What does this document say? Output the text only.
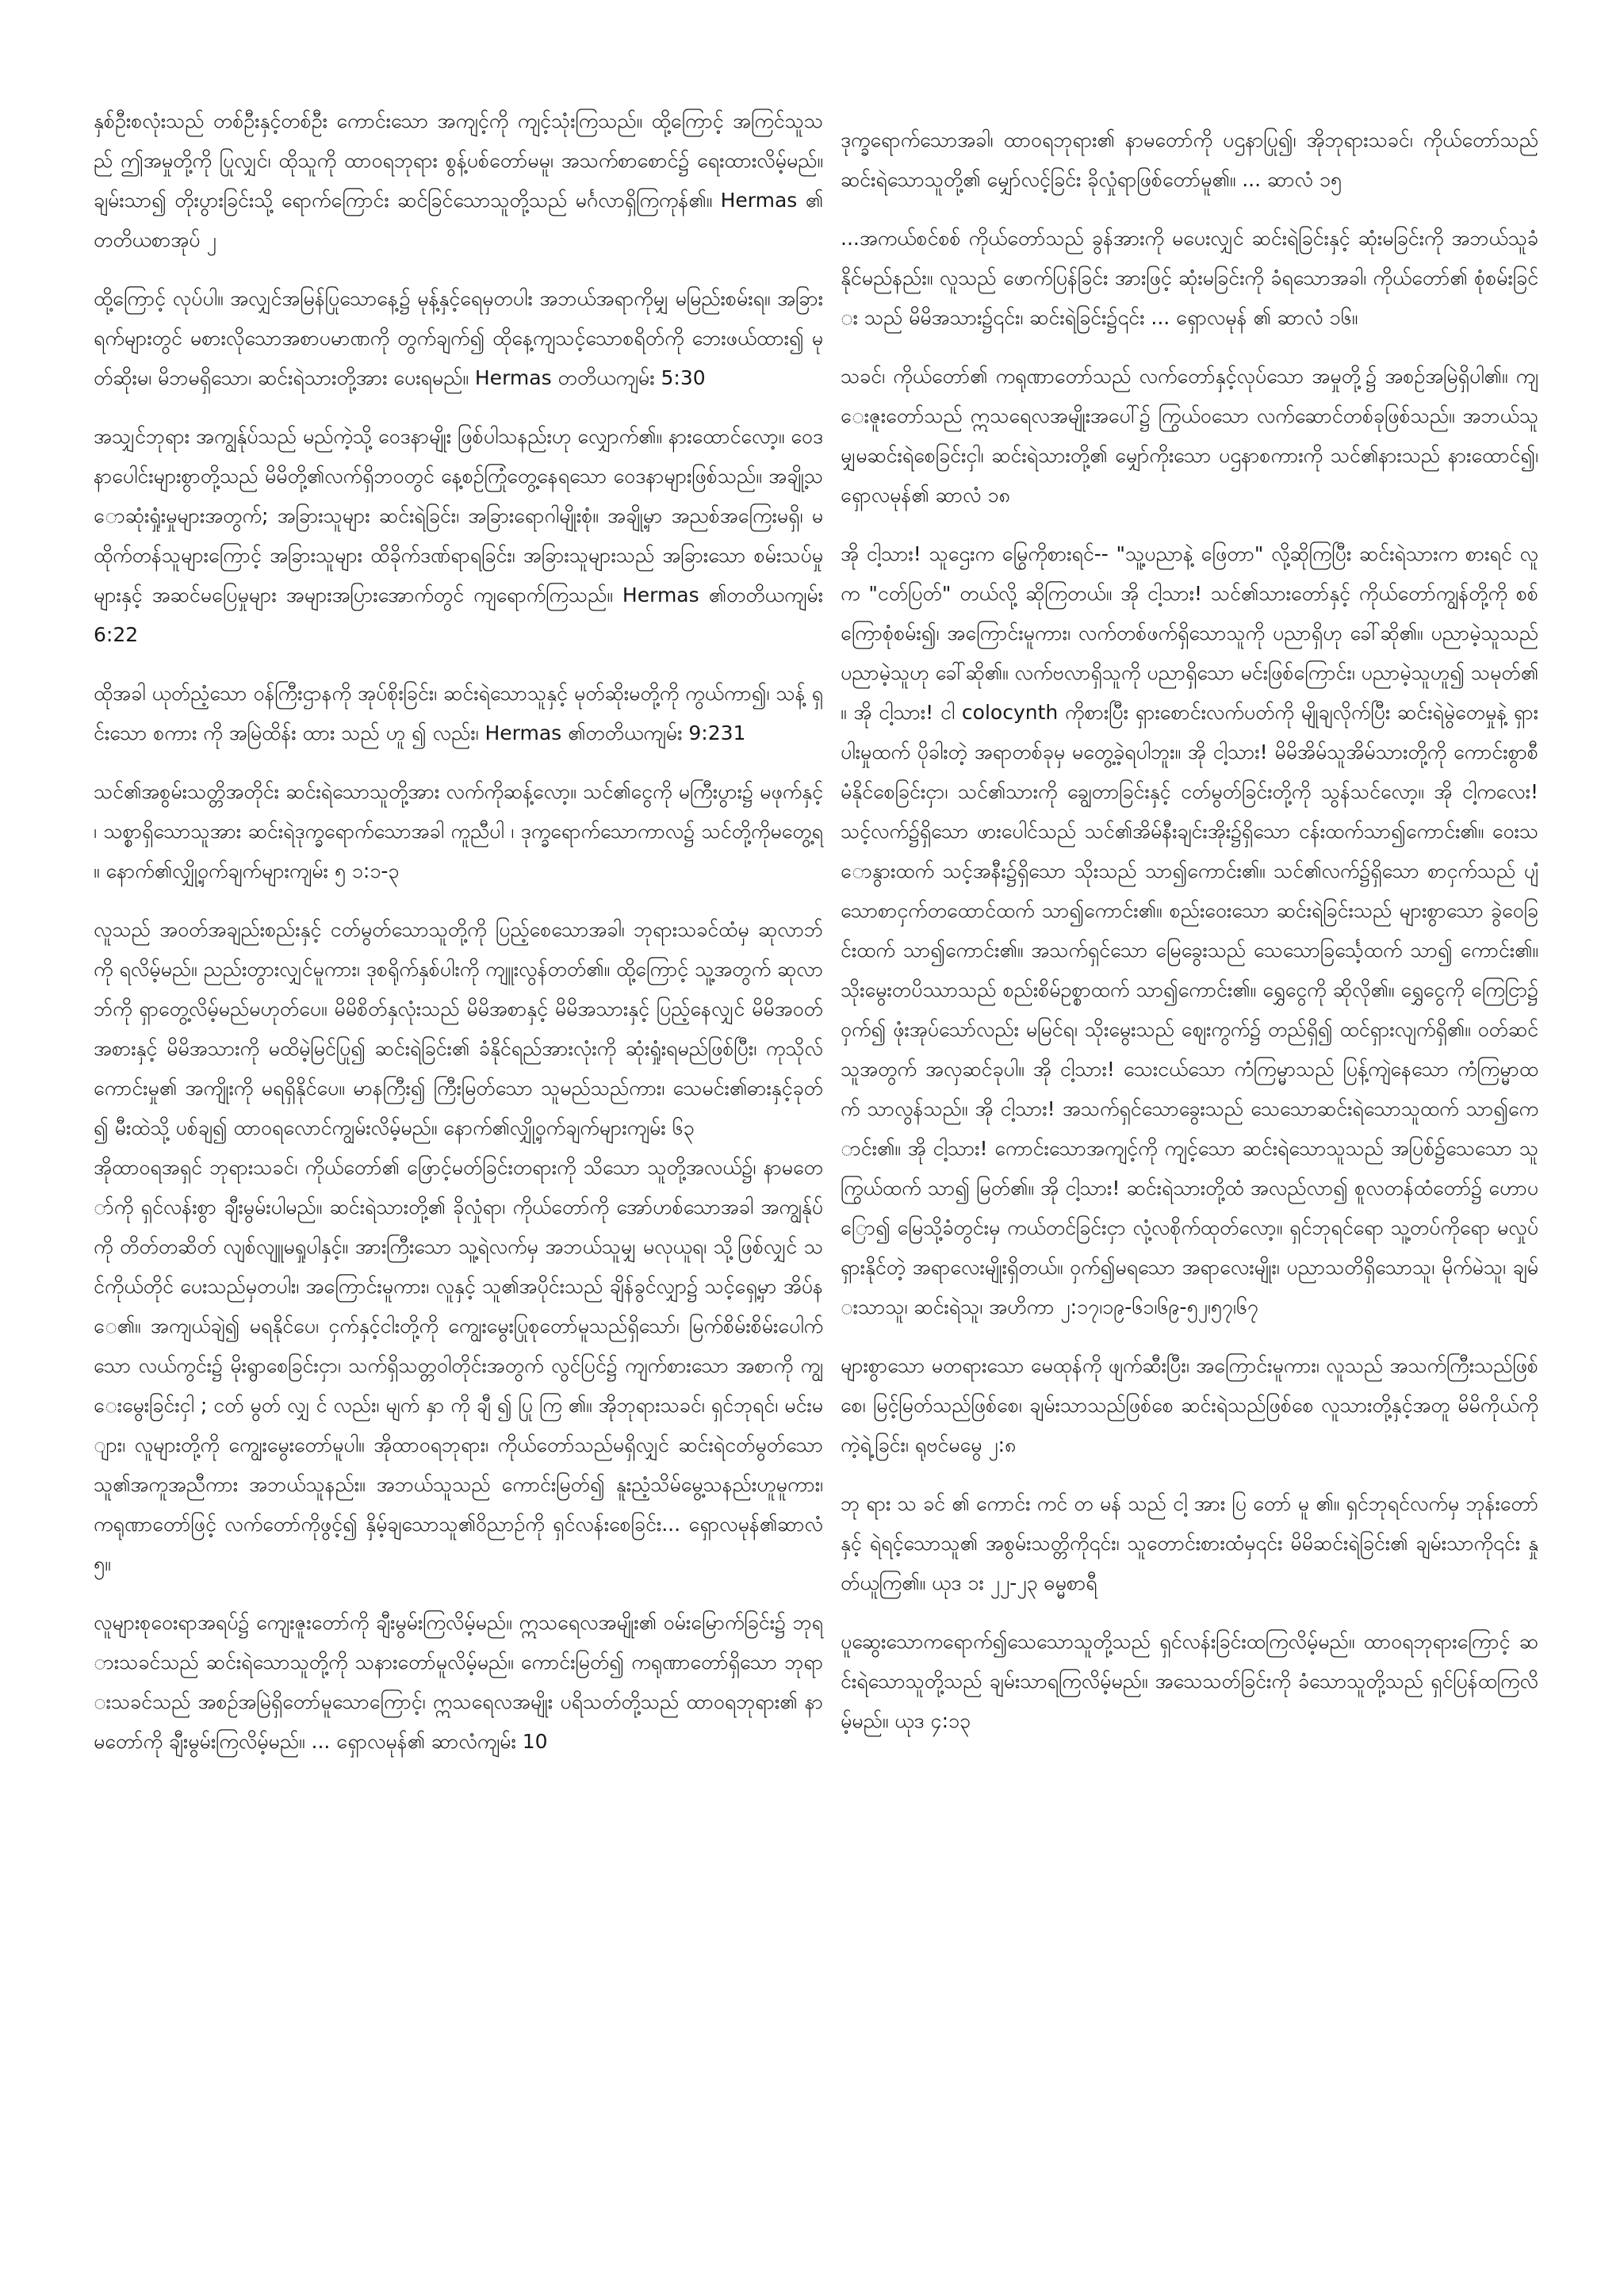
နှစ်ဦးစလုံးသည် တစ်ဦးနှင့်တစ်ဦး ကောင်းသော အကျင့်ကို ကျင့်သုံးကြသည်။ ထို့ကြောင့် အကြင်သူသည် ဤအမှုတို့ကို ပြုလျှင်၊ ထိုသူကို ထာဝရဘုရား စွန့်ပစ်တော်မမူ၊ အသက်စာစောင်၌ ရေးထားလိမ့်မည်။ ချမ်းသာ၍ တိုးပွားခြင်းသို့ ရောက်ကြောင်း ဆင်ခြင်သောသူတို့သည် မင်္ဂလာရှိကြကုန်၏။ Hermas ၏တတိယစာအုပ် ၂

ထို့ကြောင့် လုပ်ပါ။ အလျှင်အမြန်ပြုသောနေ့၌ မုန့်နှင့်ရေမှတပါး အဘယ်အရာကိုမျှ မမြည်းစမ်းရ။ အခြားရက်များတွင် မစားလိုသောအစာပမာဏကို တွက်ချက်၍ ထိုနေ့ကျသင့်သောစရိတ်ကို ဘေးဖယ်ထား၍ မုတ်ဆိုးမ၊ မိဘမရှိသော၊ ဆင်းရဲသားတို့အား ပေးရမည်။ Hermas တတိယကျမ်း 5:30

အသျှင်ဘုရား အကျွန်ုပ်သည် မည်ကဲ့သို့ ဝေဒနာမျိုး ဖြစ်ပါသနည်းဟု လျှောက်၏။ နားထောင်လော့။ ဝေဒနာပေါင်းများစွာတို့သည် မိမိတို့၏လက်ရှိဘဝတွင် နေ့စဉ်ကြုံတွေ့နေရသော ဝေဒနာများဖြစ်သည်။ အချို့သောဆုံးရှုံးမှုများအတွက်; အခြားသူများ ဆင်းရဲခြင်း၊ အခြားရောဂါမျိုးစုံ။ အချို့မှာ အညစ်အကြေးမရှိ၊ မထိုက်တန်သူများကြောင့် အခြားသူများ ထိခိုက်ဒဏ်ရာရခြင်း၊ အခြားသူများသည် အခြားသော စမ်းသပ်မှုများနှင့် အဆင်မပြေမှုများ အများအပြားအောက်တွင် ကျရောက်ကြသည်။ Hermas ၏တတိယကျမ်း 6:22

ထိုအခါ ယုတ်ညံ့သော ဝန်ကြီးဌာနကို အုပ်စိုးခြင်း၊ ဆင်းရဲသောသူနှင့် မုတ်ဆိုးမတို့ကို ကွယ်ကာ၍၊ သန့် ရှင်းသော စကား ကို အမြဲထိန်း ထား သည် ဟူ ၍ လည်း၊ Hermas ၏တတိယကျမ်း 9:231

သင်၏အစွမ်းသတ္တိအတိုင်း ဆင်းရဲသောသူတို့အား လက်ကိုဆန့်လော့။ သင်၏ငွေကို မကြီးပွား၌ မဖုက်နှင့်၊ သစ္စာရှိသောသူအား ဆင်းရဲဒုက္ခရောက်သောအခါ ကူညီပါ ၊ ဒုက္ခရောက်သောကာလ၌ သင်တို့ကိုမတွေ့ရ။ နောက်၏လျှို့ဝှက်ချက်များကျမ်း ၅ ၁:၁-၃

လူသည် အဝတ်အချည်းစည်းနှင့် ငတ်မွတ်သောသူတို့ကို ပြည့်စေသောအခါ၊ ဘုရားသခင်ထံမှ ဆုလာဘ်ကို ရလိမ့်မည်။ ညည်းတွားလျှင်မူကား၊ ဒုစရိုက်နှစ်ပါးကို ကျူးလွန်တတ်၏။ ထို့ကြောင့် သူ့အတွက် ဆုလာဘ်ကို ရှာတွေ့လိမ့်မည်မဟုတ်ပေ။ မိမိစိတ်နှလုံးသည် မိမိအစာနှင့် မိမိအသားနှင့် ပြည့်နေလျှင် မိမိအဝတ်အစားနှင့် မိမိအသားကို မထိမဲ့မြင်ပြု၍ ဆင်းရဲခြင်း၏ ခံနိုင်ရည်အားလုံးကို ဆုံးရှုံးရမည်ဖြစ်ပြီး၊ ကုသိုလ်ကောင်းမှု၏ အကျိုးကို မရရှိနိုင်ပေ။ မာနကြီး၍ ကြီးမြတ်သော သူမည်သည်ကား၊ သေမင်း၏ဓားနှင့်ခုတ်၍ မီးထဲသို့ ပစ်ချ၍ ထာဝရလောင်ကျွမ်းလိမ့်မည်။ နောက်၏လျှို့ဝှက်ချက်များကျမ်း ၆၃

အိုထာဝရအရှင် ဘုရားသခင်၊ ကိုယ်တော်၏ ဖြောင့်မတ်ခြင်းတရားကို သိသော သူတို့အလယ်၌၊ နာမတော်ကို ရှင်လန်းစွာ ချီးမွမ်းပါမည်။ ဆင်းရဲသားတို့၏ ခိုလှုံရာ၊ ကိုယ်တော်ကို အော်ဟစ်သောအခါ အကျွန်ုပ်ကို တိတ်တဆိတ် လျစ်လျူမရှုပါနှင့်။ အားကြီးသော သူ့ရဲလက်မှ အဘယ်သူမျှ မလုယူရ၊ သို့ဖြစ်လျှင် သင်ကိုယ်တိုင် ပေးသည်မှတပါး၊ အကြောင်းမူကား၊ လူနှင့် သူ၏အပိုင်းသည် ချိန်ခွင်လျှာ၌ သင့်ရှေ့မှာ အိပ်နေ၏။ အကျယ်ချဲ၍ မရနိုင်ပေ၊ ငှက်နှင့်ငါးတို့ကို ကျွေးမွေးပြုစုတော်မူသည်ရှိသော်၊ မြက်စိမ်းစိမ်းပေါက်သော လယ်ကွင်း၌ မိုးရွာစေခြင်းငှာ၊ သက်ရှိသတ္တဝါတိုင်းအတွက် လွင်ပြင်၌ ကျက်စားသော အစာကို ကျွေးမွေးခြင်းငှါ ; ငတ် မွတ် လျှ င် လည်း၊ မျက် နှာ ကို ချီ ၍ ပြု ကြ ၏။ အိုဘုရားသခင်၊ ရှင်ဘုရင်၊ မင်းများ၊ လူများတို့ကို ကျွေးမွေးတော်မူပါ။ အိုထာဝရဘုရား၊ ကိုယ်တော်သည်မရှိလျှင် ဆင်းရဲငတ်မွတ်သောသူ၏အကူအညီကား အဘယ်သူနည်း။ အဘယ်သူသည် ကောင်းမြတ်၍ နူးညံ့သိမ်မွေ့သနည်းဟူမူကား၊ ကရုဏာတော်ဖြင့် လက်တော်ကိုဖွင့်၍ နှိမ့်ချသောသူ၏ဝိညာဉ်ကို ရှင်လန်းစေခြင်း... ရှောလမုန်၏ဆာလံ ၅။

လူများစုဝေးရာအရပ်၌ ကျေးဇူးတော်ကို ချီးမွမ်းကြလိမ့်မည်။ ဣသရေလအမျိုး၏ ဝမ်းမြောက်ခြင်း၌ ဘုရားသခင်သည် ဆင်းရဲသောသူတို့ကို သနားတော်မူလိမ့်မည်။ ကောင်းမြတ်၍ ကရုဏာတော်ရှိသော ဘုရားသခင်သည် အစဉ်အမြဲရှိတော်မူသောကြောင့်၊ ဣသရေလအမျိုး ပရိသတ်တို့သည် ထာဝရဘုရား၏ နာမတော်ကို ချီးမွမ်းကြလိမ့်မည်။ ... ရှောလမုန်၏ ဆာလံကျမ်း 10

ဒုက္ခရောက်သောအခါ၊ ထာဝရဘုရား၏ နာမတော်ကို ပဌနာပြု၍၊ အိုဘုရားသခင်၊ ကိုယ်တော်သည် ဆင်းရဲသောသူတို့၏ မျှော်လင့်ခြင်း ခိုလှုံရာဖြစ်တော်မူ၏။ ... ဆာလံ ၁၅

...အကယ်စင်စစ် ကိုယ်တော်သည် ခွန်အားကို မပေးလျှင် ဆင်းရဲခြင်းနှင့် ဆုံးမခြင်းကို အဘယ်သူခံနိုင်မည်နည်း။ လူသည် ဖောက်ပြန်ခြင်း အားဖြင့် ဆုံးမခြင်းကို ခံရသောအခါ၊ ကိုယ်တော်၏ စုံစမ်းခြင်း သည် မိမိအသား၌၎င်း၊ ဆင်းရဲခြင်း၌၎င်း ... ရှောလမုန် ၏ ဆာလံ ၁၆။

သခင်၊ ကိုယ်တော်၏ ကရုဏာတော်သည် လက်တော်နှင့်လုပ်သော အမှုတို့၌ အစဉ်အမြဲရှိပါ၏။ ကျေးဇူးတော်သည် ဣသရေလအမျိုးအပေါ်၌ ကြွယ်ဝသော လက်ဆောင်တစ်ခုဖြစ်သည်။ အဘယ်သူမျှမဆင်းရဲစေခြင်းငှါ၊ ဆင်းရဲသားတို့၏ မျှော်ကိုးသော ပဌနာစကားကို သင်၏နားသည် နားထောင်၍၊ ရှောလမုန်၏ ဆာလံ ၁၈

အို ငါ့သား! သူဌေးက မြွေကိုစားရင်-- "သူ့ပညာနဲ့ ဖြေတာ" လို့ဆိုကြပြီး ဆင်းရဲသားက စားရင် လူက "ငတ်ပြတ်" တယ်လို့ ဆိုကြတယ်။ အို ငါ့သား! သင်၏သားတော်နှင့် ကိုယ်တော်ကျွန်တို့ကို စစ်ကြောစုံစမ်း၍၊ အကြောင်းမူကား၊ လက်တစ်ဖက်ရှိသောသူကို ပညာရှိဟု ခေါ်ဆို၏။ ပညာမဲ့သူသည် ပညာမဲ့သူဟု ခေါ်ဆို၏။ လက်ဗလာရှိသူကို ပညာရှိသော မင်းဖြစ်ကြောင်း၊ ပညာမဲ့သူဟူ၍ သမုတ်၏။ အို ငါ့သား! ငါ colocynth ကိုစားပြီး ရှားစောင်းလက်ပတ်ကို မျိုချလိုက်ပြီး ဆင်းရဲမွဲတေမှုနဲ့ ရှားပါးမှုထက် ပိုခါးတဲ့ အရာတစ်ခုမှ မတွေ့ခဲ့ရပါဘူး။ အို ငါ့သား! မိမိအိမ်သူအိမ်သားတို့ကို ကောင်းစွာစီမံနိုင်စေခြင်းငှာ၊ သင်၏သားကို ချွေတာခြင်းနှင့် ငတ်မွတ်ခြင်းတို့ကို သွန်သင်လော့။ အို ငါ့ကလေး! သင့်လက်၌ရှိသော ဖားပေါင်သည် သင်၏အိမ်နီးချင်းအိုး၌ရှိသော ငန်းထက်သာ၍ကောင်း၏။ ဝေးသောနွားထက် သင့်အနီး၌ရှိသော သိုးသည် သာ၍ကောင်း၏။ သင်၏လက်၌ရှိသော စာငှက်သည် ပျံသောစာငှက်တထောင်ထက် သာ၍ကောင်း၏။ စည်းဝေးသော ဆင်းရဲခြင်းသည် များစွာသော ခွဲဝေခြင်းထက် သာ၍ကောင်း၏။ အသက်ရှင်သော မြေခွေးသည် သေသောခြင်္သေ့ထက် သာ၍ ကောင်း၏။ သိုးမွေးတပိဿာသည် စည်းစိမ်ဥစ္စာထက် သာ၍ကောင်း၏။ ရွှေငွေကို ဆိုလို၏။ ရွှေငွေကို ကြေငြာ၌ ဝှက်၍ ဖုံးအုပ်သော်လည်း မမြင်ရ၊ သိုးမွေးသည် ဈေးကွက်၌ တည်ရှိ၍ ထင်ရှားလျက်ရှိ၏။ ဝတ်ဆင်သူအတွက် အလှဆင်ခုပါ။ အို ငါ့သား! သေးငယ်သော ကံကြမ္မာသည် ပြန့်ကျဲနေသော ကံကြမ္မာထက် သာလွန်သည်။ အို ငါ့သား! အသက်ရှင်သောခွေးသည် သေသောဆင်းရဲသောသူထက် သာ၍ကောင်း၏။ အို ငါ့သား! ကောင်းသောအကျင့်ကို ကျင့်သော ဆင်းရဲသောသူသည် အပြစ်၌သေသော သူကြွယ်ထက် သာ၍ မြတ်၏။ အို ငါ့သား! ဆင်းရဲသားတို့ထံ အလည်လာ၍ စူလတန်ထံတော်၌ ဟောပြော၍ မြေသို့ခံတွင်းမှ ကယ်တင်ခြင်းငှာ လုံ့လစိုက်ထုတ်လော့။ ရှင်ဘုရင်ရော သူ့တပ်ကိုရော မလှုပ်ရှားနိုင်တဲ့ အရာလေးမျိုးရှိတယ်။ ဝှက်၍မရသော အရာလေးမျိုး၊ ပညာသတိရှိသောသူ၊ မိုက်မဲသူ၊ ချမ်းသာသူ၊ ဆင်းရဲသူ၊ အဟိကာ ၂:၁၇၊၁၉-၆၁၊၆၉-၅၂၊၅၇၊၆၇

များစွာသော မတရားသော မေထုန်ကို ဖျက်ဆီးပြီး၊ အကြောင်းမူကား၊ လူသည် အသက်ကြီးသည်ဖြစ်စေ၊ မြင့်မြတ်သည်ဖြစ်စေ၊ ချမ်းသာသည်ဖြစ်စေ ဆင်းရဲသည်ဖြစ်စေ လူသားတို့နှင့်အတူ မိမိကိုယ်ကို ကဲ့ရဲ့ခြင်း၊ ရုဗင်မမွေ ၂:၈

ဘု ရား သ ခင် ၏ ကောင်း ကင် တ မန် သည် ငါ့ အား ပြ တော် မူ ၏။ ရှင်ဘုရင်လက်မှ ဘုန်းတော်နှင့် ရဲရင့်သောသူ၏ အစွမ်းသတ္တိကို၎င်း၊ သူတောင်းစားထံမှ၎င်း မိမိဆင်းရဲခြင်း၏ ချမ်းသာကို၎င်း နှုတ်ယူကြ၏။ ယုဒ ၁း ၂၂-၂၃ ဓမ္မစာရီ

ပူဆွေးသောကရောက်၍သေသောသူတို့သည် ရှင်လန်းခြင်းထကြလိမ့်မည်။ ထာဝရဘုရားကြောင့် ဆင်းရဲသောသူတို့သည် ချမ်းသာရကြလိမ့်မည်။ အသေသတ်ခြင်းကို ခံသောသူတို့သည် ရှင်ပြန်ထကြလိမ့်မည်။ ယုဒ ၄:၁၃
